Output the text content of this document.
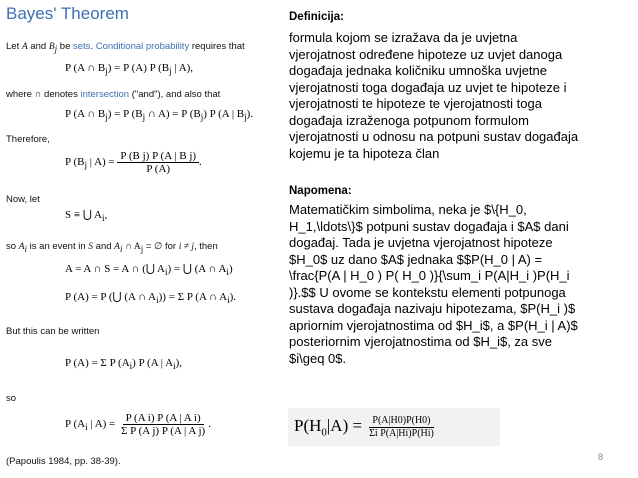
Bayes' Theorem
Let A and $B_j$ be sets. Conditional probability requires that
P (A ∩ $B_j) = P$ (A) P ($B_j$ | A),
where ∩ denotes intersection ("and"), and also that
P (A ∩ $B_j) = P$ ($B_j$ ∩ A) = P $(B_j)$ P (A | $B_j$).
Therefore,
P ($B_j$ | $A) = \frac{\text{P (B j) P (A | B j)}}{P (A)}$ .
Now, let
S ≡ ⋃ $A_i$,
so $A_i$ is an event in S and $A_i$ ∩ $A_j$ = ∅ for i ≠ j, then
A = A ∩ S = A ∩ (⋃ $A_i$) = ⋃ (A ∩ $A_i$)
P (A) = P (⋃ (A ∩ $A_i)) = \Sigma$ P (A ∩ $A_i$).
But this can be written
P (A) = Σ P $(A_i)$ P (A | $A_i$),
so
P ($A_i$ | $A) = \frac{\text{P (A i) P (A | A i)}}{\text{Σ P (A j) P (A | A j)}}$ .
(Papoulis 1984, pp. 38-39).
Definicija:

formula kojom se izražava da je uvjetna

vjerojatnost određene hipoteze uz uvjet danoga

događaja jednaka količniku umnoška uvjetne

vjerojatnosti toga događaja uz uvjet te hipoteze i

vjerojatnosti te hipoteze te vjerojatnosti toga

događaja izraženoga potpunom formulom

vjerojatnosti u odnosu na potpuni sustav događaja

kojemu je ta hipoteza član

Napomena:

Matematičkim simbolima, neka je $\{H_0,

H_1,\ldots\}$ potpuni sustav događaja i $A$ dani

događaj. Tada je uvjetna vjerojatnost hipoteze

$H_0$ uz dano $A$ jednaka $$P(H_0 | A) =

\frac{P(A | H_0 ) P( H_0 )}{\sum_i P(A|H_i )P(H_i

)}.$$ U ovome se kontekstu elementi potpunoga

sustava događaja nazivaju hipotezama, $P(H_i )$

apriornim vjerojatnostima od $H_i$, a $P(H_i | A)$

posteriornim vjerojatnostima od $H_i$, za sve

$i\geq 0$.

$P(H_0|A) = \frac{P(A|H0)P(H0)}{\text{Σi P(A|Hi)P(Hi)}}$
8
